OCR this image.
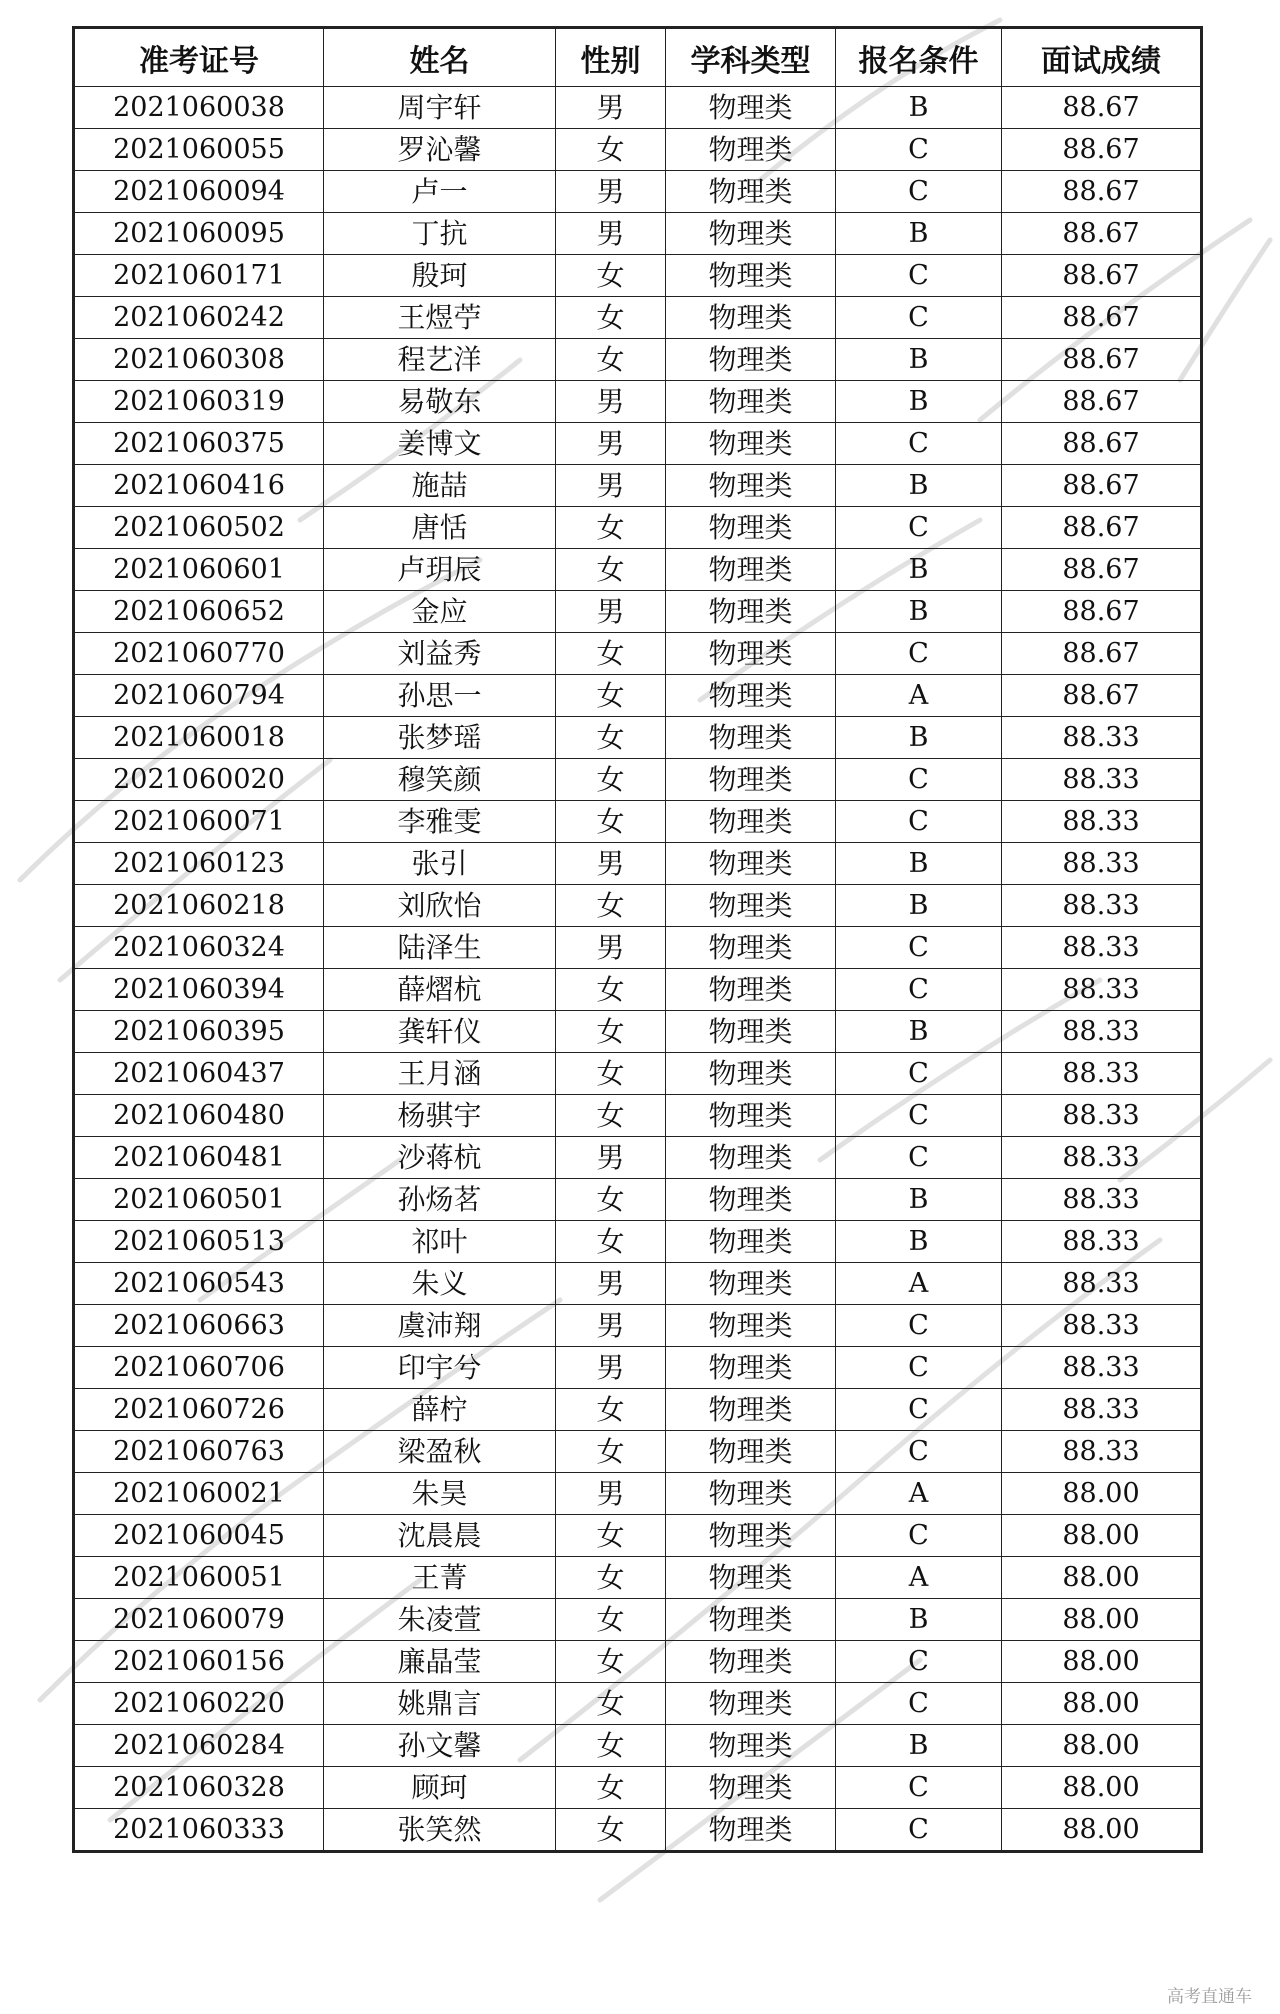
准考证号	姓名	性别	学科类型	报名条件	面试成绩
2021060038	周宇轩	男	物理类	B	88.67
2021060055	罗沁馨	女	物理类	C	88.67
2021060094	卢一	男	物理类	C	88.67
2021060095	丁抗	男	物理类	B	88.67
2021060171	殷珂	女	物理类	C	88.67
2021060242	王煜苧	女	物理类	C	88.67
2021060308	程艺洋	女	物理类	B	88.67
2021060319	易敬东	男	物理类	B	88.67
2021060375	姜博文	男	物理类	C	88.67
2021060416	施喆	男	物理类	B	88.67
2021060502	唐恬	女	物理类	C	88.67
2021060601	卢玥辰	女	物理类	B	88.67
2021060652	金应	男	物理类	B	88.67
2021060770	刘益秀	女	物理类	C	88.67
2021060794	孙思一	女	物理类	A	88.67
2021060018	张梦瑶	女	物理类	B	88.33
2021060020	穆笑颜	女	物理类	C	88.33
2021060071	李雅雯	女	物理类	C	88.33
2021060123	张引	男	物理类	B	88.33
2021060218	刘欣怡	女	物理类	B	88.33
2021060324	陆泽生	男	物理类	C	88.33
2021060394	薛熠杭	女	物理类	C	88.33
2021060395	龚轩仪	女	物理类	B	88.33
2021060437	王月涵	女	物理类	C	88.33
2021060480	杨骐宇	女	物理类	C	88.33
2021060481	沙蒋杭	男	物理类	C	88.33
2021060501	孙炀茗	女	物理类	B	88.33
2021060513	祁叶	女	物理类	B	88.33
2021060543	朱义	男	物理类	A	88.33
2021060663	虞沛翔	男	物理类	C	88.33
2021060706	印宇兮	男	物理类	C	88.33
2021060726	薛柠	女	物理类	C	88.33
2021060763	梁盈秋	女	物理类	C	88.33
2021060021	朱昊	男	物理类	A	88.00
2021060045	沈晨晨	女	物理类	C	88.00
2021060051	王菁	女	物理类	A	88.00
2021060079	朱凌萱	女	物理类	B	88.00
2021060156	廉晶莹	女	物理类	C	88.00
2021060220	姚鼎言	女	物理类	C	88.00
2021060284	孙文馨	女	物理类	B	88.00
2021060328	顾珂	女	物理类	C	88.00
2021060333	张笑然	女	物理类	C	88.00
高考直通车
